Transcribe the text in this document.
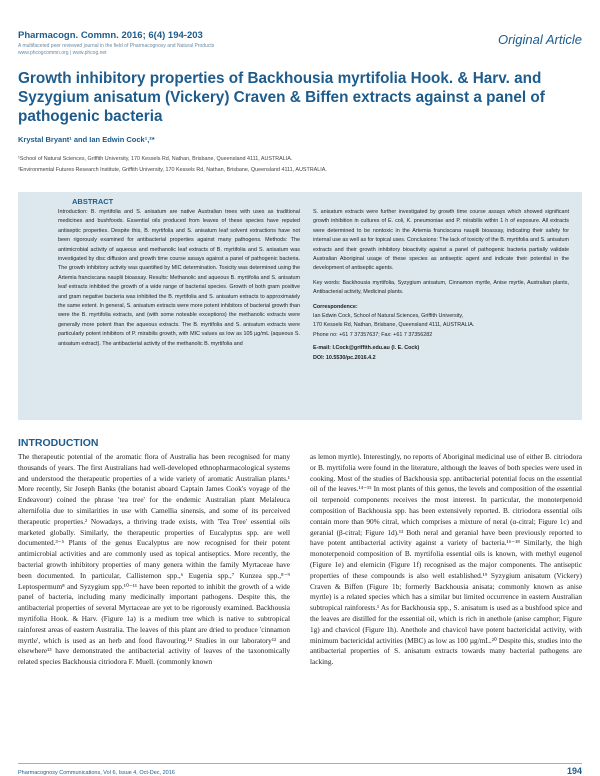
Pharmacogn. Commn. 2016; 6(4) 194-203
A multifaceted peer reviewed journal in the field of Pharmacognosy and Natural Products
www.phcogcommn.org | www.phcog.net
Original Article
Growth inhibitory properties of Backhousia myrtifolia Hook. & Harv. and Syzygium anisatum (Vickery) Craven & Biffen extracts against a panel of pathogenic bacteria
Krystal Bryant¹ and Ian Edwin Cock¹,²*
¹School of Natural Sciences, Griffith University, 170 Kessels Rd, Nathan, Brisbane, Queensland 4111, AUSTRALIA.
²Environmental Futures Research Institute, Griffith University, 170 Kessels Rd, Nathan, Brisbane, Queensland 4111, AUSTRALIA.
ABSTRACT

Introduction: B. myrtifolia and S. anisatum are native Australian trees with uses as traditional medicines and bushfoods. Essential oils produced from leaves of these species have reputed antiseptic properties. Despite this, B. myrtifolia and S. anisatum leaf solvent extractions have not been rigorously examined for antibacterial properties against many pathogens. Methods: The antimicrobial activity of aqueous and methanolic leaf extracts of B. myrtifolia and S. anisatum was investigated by disc diffusion and growth time course assays against a panel of pathogenic bacteria. The growth inhibitory activity was quantified by MIC determination. Toxicity was determined using the Artemia franciscana nauplii bioassay. Results: Methanolic and aqueous B. myrtifolia and S. anisatum leaf extracts inhibited the growth of a wide range of bacterial species. Growth of both gram positive and gram negative bacteria was inhibited the B. myrtifolia and S. anisatum extracts to approximately the same extent. In general, S. anisatum extracts were more potent inhibitors of bacterial growth than were the B. myrtifolia extracts, and (with some noteable exceptions) the methanolic extracts were generally more potent than the aqueous extracts. The B. myrtifolia and S. anisatum extracts were particularly potent inhibitors of P. mirabilis growth, with MIC values as low as 105 µg/mL (aqueous S. anisatum extract). The antibacterial activity of the methanolic B. myrtifolia and

S. anisatum extracts were further investigated by growth time course assays which showed significant growth inhibition in cultures of E. coli, K. pneumoniae and P. mirabilis within 1 h of exposure. All extracts were determined to be nontoxic in the Artemia franciscana nauplii bioassay, indicating their safety for internal use as well as for topical uses. Conclusions: The lack of toxicity of the B. myrtifolia and S. anisatum extracts and their growth inhibitory bioactivity against a panel of pathogenic bacteria partially validate Australian Aboriginal usage of these species as antiseptic agent and indicate their potential in the development of antiseptic agents.

Key words: Backhousia myrtifolia, Syzygium anisatum, Cinnamon myrtle, Anise myrtle, Australian plants, Antibacterial activity, Medicinal plants.

Correspondence:

Ian Edwin Cock, School of Natural Sciences, Griffith University,

170 Kessels Rd, Nathan, Brisbane, Queensland 4111, AUSTRALIA.

Phone no: +61 7 37357637; Fax: +61 7 37356282

E-mail: I.Cock@griffith.edu.au (I. E. Cock)

DOI: 10.5530/pc.2016.4.2

INTRODUCTION

The therapeutic potential of the aromatic flora of Australia has been recognised for many thousands of years. The first Australians had well-developed ethnopharmacological systems and understood the therapeutic properties of a wide variety of aromatic Australian plants.¹ More recently, Sir Joseph Banks (the botanist aboard Captain James Cook's voyage of the Endeavour) coined the phrase 'tea tree' for the endemic Australian plant Melaleuca alternifolia due to similarities in use with Camellia sinensis, and some of its perceived therapeutic properties.² Nowadays, a thriving trade exists, with 'Tea Tree' essential oils marketed globally. Similarly, the therapeutic properties of Eucalyptus spp. are well documented.³⁻⁵ Plants of the genus Eucalyptus are now recognised for their potent antimicrobial activities and are commonly used as topical antiseptics. More recently, the bacterial growth inhibitory properties of many genera within the family Myrtaceae have been documented. In particular, Callistemon spp.,⁶ Eugenia spp.,⁷ Kunzea spp.,⁸⁻⁹ Leptospermum⁸ and Syzygium spp.¹⁰⁻¹¹ have been reported to inhibit the growth of a wide panel of bacteria, including many medicinally important pathogens. Despite this, the antibacterial properties of several Myrtaceae are yet to be rigorously examined. Backhousia myrtifolia Hook. & Harv. (Figure 1a) is a medium tree which is native to subtropical rainforest areas of eastern Australia. The leaves of this plant are dried to produce 'cinnamon myrtle', which is used as an herb and food flavouring.¹² Studies in our laboratory¹² and elsewhere¹³ have demonstrated the antibacterial activity of leaves of the taxonomically related species Backhousia citriodora F. Muell. (commonly known

as lemon myrtle). Interestingly, no reports of Aboriginal medicinal use of either B. citriodora or B. myrtifolia were found in the literature, although the leaves of both species were used in cooking. Most of the studies of Backhousia spp. antibacterial potential focus on the essential oil of the leaves.¹⁴⁻¹⁵ In most plants of this genus, the levels and composition of the essential oil terpenoid components receives the most interest. In particular, the monoterpenoid composition of Backhousia spp. has been extensively reported. B. citriodora essential oils contain more than 90% citral, which comprises a mixture of neral (α-citral; Figure 1c) and geranial (β-citral; Figure 1d).¹³ Both neral and geranial have been previously reported to have potent antibacterial activity against a variety of bacteria.¹⁶⁻¹⁸ Similarly, the high monoterpenoid composition of B. myrtifolia essential oils is known, with methyl eugenol (Figure 1e) and elemicin (Figure 1f) recognised as the major components. The antiseptic properties of these compounds is also well established.¹⁹ Syzygium anisatum (Vickery) Craven & Biffen (Figure 1b; formerly Backhousia anisata; commonly known as anise myrtle) is a related species which has a similar but limited occurrence in eastern Australian subtropical rainforests.¹ As for Backhousia spp., S. anisatum is used as a bushfood spice and the leaves are distilled for the essential oil, which is rich in anethole (anise camphor; Figure 1g) and chavicol (Figure 1h). Anethole and chavicol have potent bactericidal activity, with minimum bactericidal activities (MBC) as low as 100 µg/mL.²⁰ Despite this, studies into the antibacterial properties of S. anisatum extracts towards many bacterial pathogens are lacking.

Pharmacognosy Communications, Vol 6, Issue 4, Oct-Dec, 2016	194
